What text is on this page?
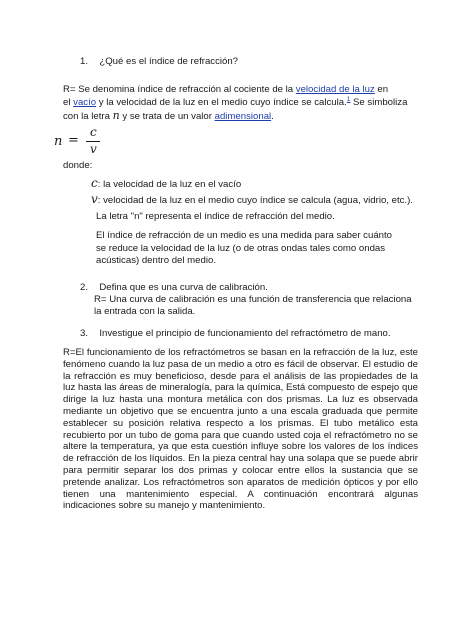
1. ¿Qué es el índice de refracción?
R= Se denomina índice de refracción al cociente de la velocidad de la luz en
el vacío y la velocidad de la luz en el medio cuyo índice se calcula.$^1$ Se simboliza
con la letra n y se trata de un valor adimensional.
n =
c
v
donde:
c: la velocidad de la luz en el vacío
v: velocidad de la luz en el medio cuyo índice se calcula (agua, vidrio, etc.).
La letra "n" representa el índice de refracción del medio.
El índice de refracción de un medio es una medida para saber cuánto se reduce la velocidad de la luz (o de otras ondas tales como ondas acústicas) dentro del medio.
2. Defina que es una curva de calibración.
R= Una curva de calibración es una función de transferencia que relaciona la entrada con la salida.
3. Investigue el principio de funcionamiento del refractómetro de mano.
R=El funcionamiento de los refractómetros se basan en la refracción de la luz, este fenómeno cuando la luz pasa de un medio a otro es fácil de observar. El estudio de la refracción es muy beneficioso, desde para el análisis de las propiedades de la luz hasta las áreas de mineralogía, para la química, Está compuesto de espejo que dirige la luz hasta una montura metálica con dos prismas. La luz es observada mediante un objetivo que se encuentra junto a una escala graduada que permite establecer su posición relativa respecto a los prismas. El tubo metálico esta recubierto por un tubo de goma para que cuando usted coja el refractómetro no se altere la temperatura, ya que esta cuestión influye sobre los valores de los índices de refracción de los líquidos. En la pieza central hay una solapa que se puede abrir para permitir separar los dos primas y colocar entre ellos la sustancia que se pretende analizar. Los refractómetros son aparatos de medición ópticos y por ello tienen una mantenimiento especial. A continuación encontrará algunas indicaciones sobre su manejo y mantenimiento.
